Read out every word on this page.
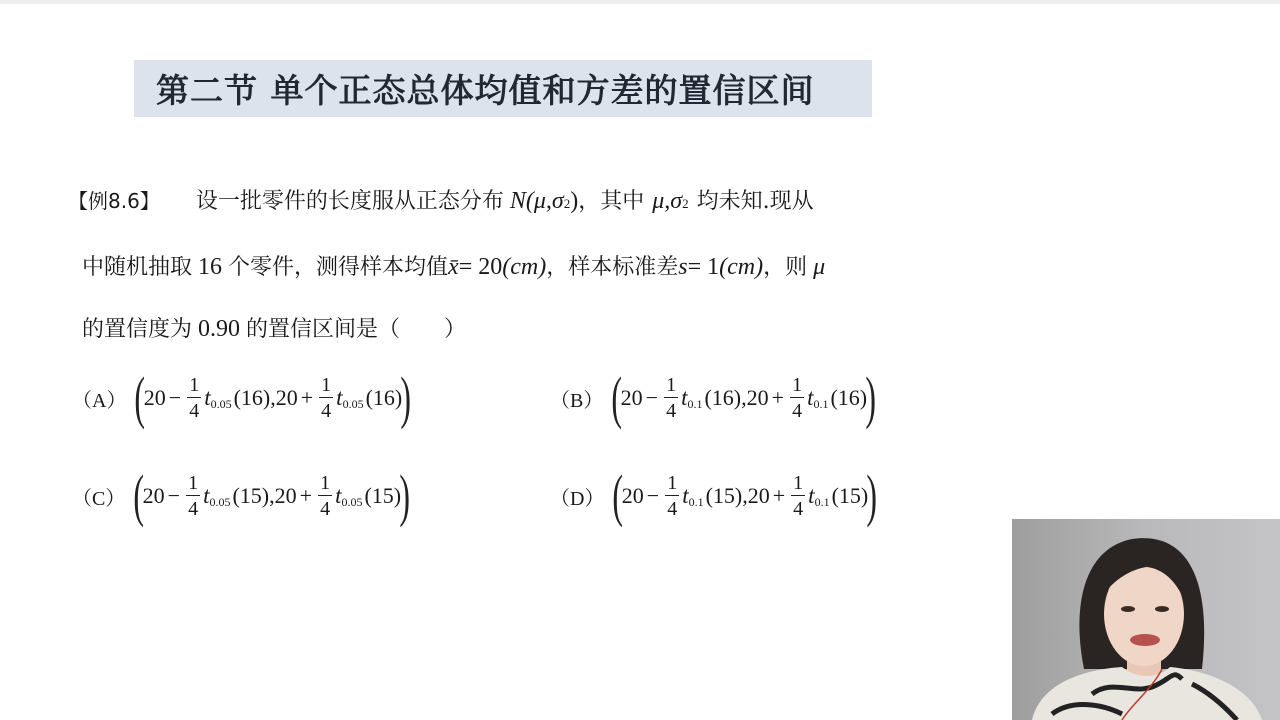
第二节 单个正态总体均值和方差的置信区间
【例8.6】 设一批零件的长度服从正态分布 N(μ,σ 2 ) ，其中 μ,σ 2 均未知.现从
中随机抽取 16 个零件，测得样本均值 x̄ = 20 (cm) ，样本标准差 s = 1 (cm) ，则 μ
的置信度为 0.90 的置信区间是（　　）
（A） (
$20 - \frac{1}{4}$ t 0.05 (16) , $20 + \frac{1}{4}$ t 0.05 (16)
)	（B） (
$20 - \frac{1}{4}$ t 0.1 (16) , $20 + \frac{1}{4}$ t 0.1 (16)
)
（C） (
$20 - \frac{1}{4}$ t 0.05 (15) , $20 + \frac{1}{4}$ t 0.05 (15)
)	（D） (
$20 - \frac{1}{4}$ t 0.1 (15) , $20 + \frac{1}{4}$ t 0.1 (15)
)
